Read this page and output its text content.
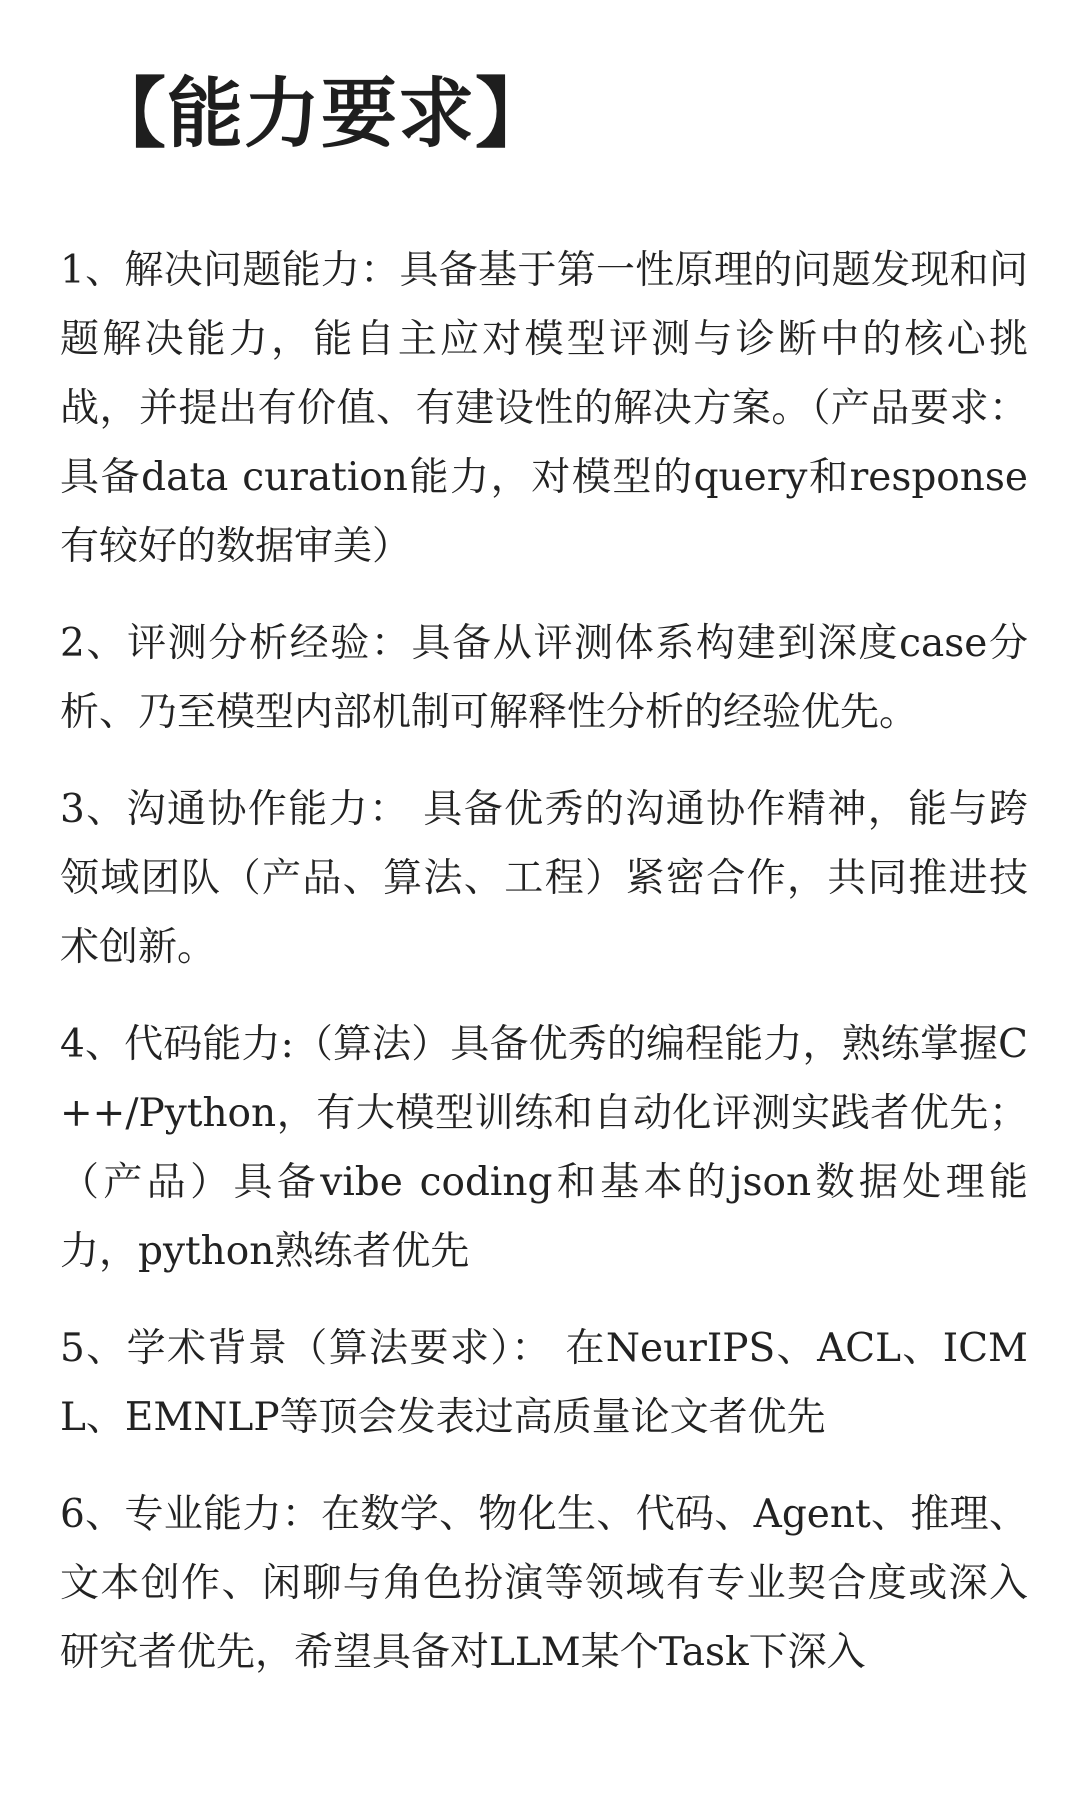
【能力要求】
1、解决问题能力：具备基于第一性原理的问题发现和问题解决能力，能自主应对模型评测与诊断中的核心挑战，并提出有价值、有建设性的解决方案。（产品要求：具备data curation能力，对模型的query和response有较好的数据审美）
2、评测分析经验：具备从评测体系构建到深度case分析、乃至模型内部机制可解释性分析的经验优先。
3、沟通协作能力： 具备优秀的沟通协作精神，能与跨领域团队（产品、算法、工程）紧密合作，共同推进技术创新。
4、代码能力:（算法）具备优秀的编程能力，熟练掌握C++/Python，有大模型训练和自动化评测实践者优先；（产品）具备vibe coding和基本的json数据处理能力，python熟练者优先
5、学术背景（算法要求）： 在NeurIPS、ACL、ICML、EMNLP等顶会发表过高质量论文者优先
6、专业能力：在数学、物化生、代码、Agent、推理、文本创作、闲聊与角色扮演等领域有专业契合度或深入研究者优先，希望具备对LLM某个Task下深入
